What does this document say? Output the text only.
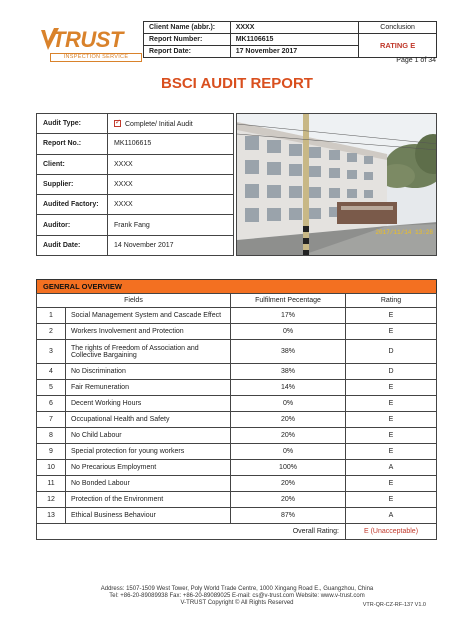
TRUST
INSPECTION SERVICE
Client Name (abbr.):	XXXX	Conclusion
Report Number:	MK1106615	RATING E
Report Date:	17 November 2017	
Page 1 of 34
BSCI AUDIT REPORT
Audit Type:	✓Complete/ Initial Audit
Report No.:	MK1106615
Client:	XXXX
Supplier:	XXXX
Audited Factory:	XXXX
Auditor:	Frank Fang
Audit Date:	14 November 2017
2017/11/14 13:28
GENERAL OVERVIEW
Fields		Fulfilment Pecentage	Rating
1	Social Management System and Cascade Effect	17%	E
2	Workers Involvement and Protection	0%	E
3	The rights of Freedom of Association and Collective Bargaining	38%	D
4	No Discrimination	38%	D
5	Fair Remuneration	14%	E
6	Decent Working Hours	0%	E
7	Occupational Health and Safety	20%	E
8	No Child Labour	20%	E
9	Special protection for young workers	0%	E
10	No Precarious Employment	100%	A
11	No Bonded Labour	20%	E
12	Protection of the Environment	20%	E
13	Ethical Business Behaviour	87%	A
Overall Rating:			E (Unacceptable)
Address: 1507-1509 West Tower, Poly World Trade Centre, 1000 Xingang Road E., Guangzhou, China
Tel: +86-20-89089938 Fax: +86-20-89089025 E-mail: cs@v-trust.com Website: www.v-trust.com
V-TRUST Copyright © All Rights Reserved	VTR-QR-CZ-RF-137 V1.0
